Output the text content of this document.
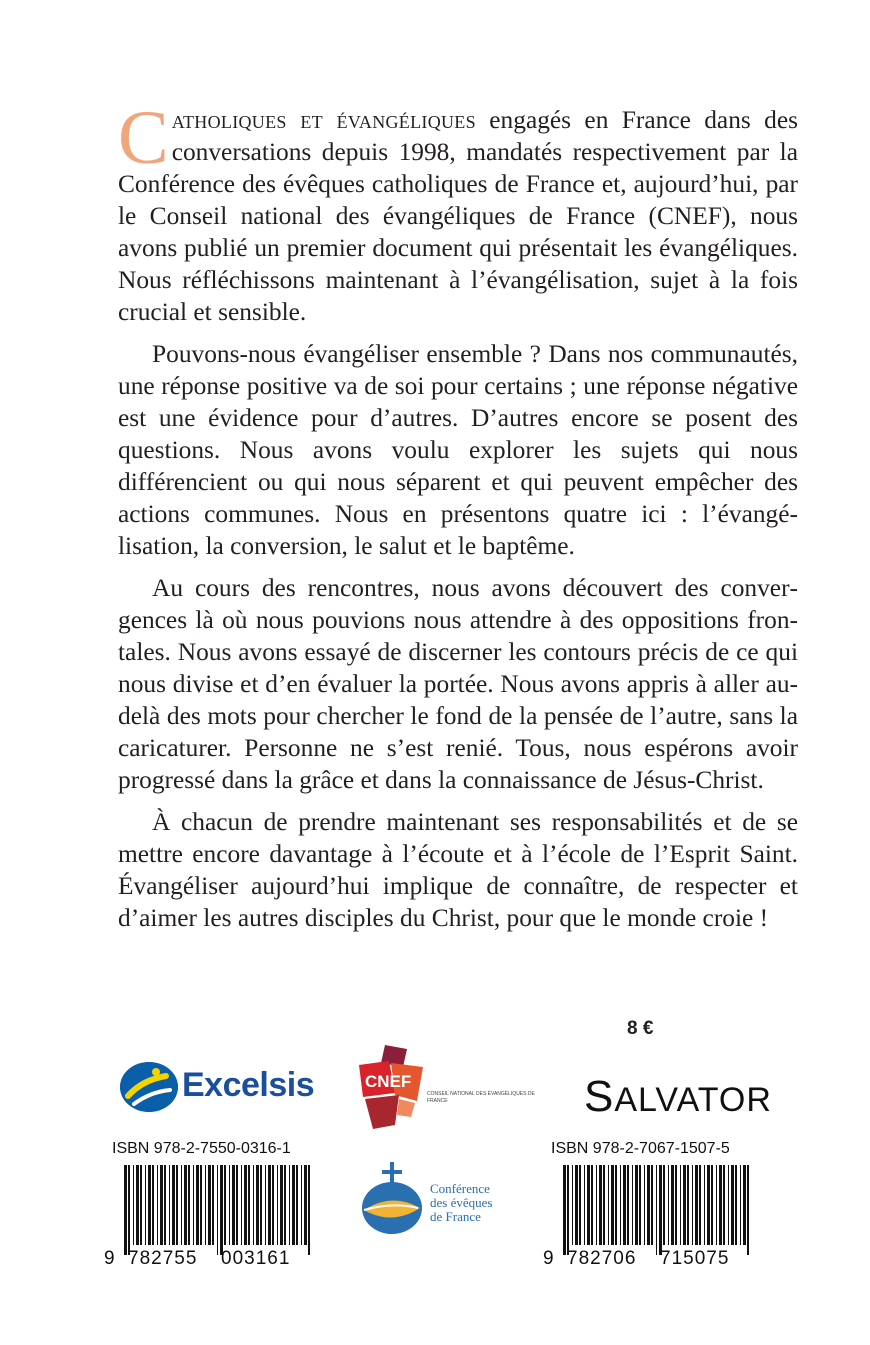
Catholiques et évangéliques engagés en France dans des conversations depuis 1998, mandatés respectivement par la Conférence des évêques catholiques de France et, aujourd’hui, par le Conseil national des évangéliques de France (CNEF), nous avons publié un premier document qui présentait les évangéliques. Nous réfléchissons maintenant à l’évangélisation, sujet à la fois crucial et sensible.

Pouvons-nous évangéliser ensemble ? Dans nos communautés, une réponse positive va de soi pour certains ; une réponse négative est une évidence pour d’autres. D’autres encore se posent des questions. Nous avons voulu explorer les sujets qui nous différencient ou qui nous séparent et qui peuvent empêcher des actions communes. Nous en présentons quatre ici : l’évangélisation, la conversion, le salut et le baptême.

Au cours des rencontres, nous avons découvert des convergences là où nous pouvions nous attendre à des oppositions frontales. Nous avons essayé de discerner les contours précis de ce qui nous divise et d’en évaluer la portée. Nous avons appris à aller au-delà des mots pour chercher le fond de la pensée de l’autre, sans la caricaturer. Personne ne s’est renié. Tous, nous espérons avoir progressé dans la grâce et dans la connaissance de Jésus-Christ.

À chacun de prendre maintenant ses responsabilités et de se mettre encore davantage à l’écoute et à l’école de l’Esprit Saint. Évangéliser aujourd’hui implique de connaître, de respecter et d’aimer les autres disciples du Christ, pour que le monde croie !

8 €
Excelsis	CNEF
CONSEIL NATIONAL DES ÉVANGÉLIQUES DE FRANCE	SALVATOR
ISBN 978-2-7550-0316-1	ISBN 978-2-7067-1507-5
9 782755 003161	9 782706 715075
Conférence
des évêques
de France
